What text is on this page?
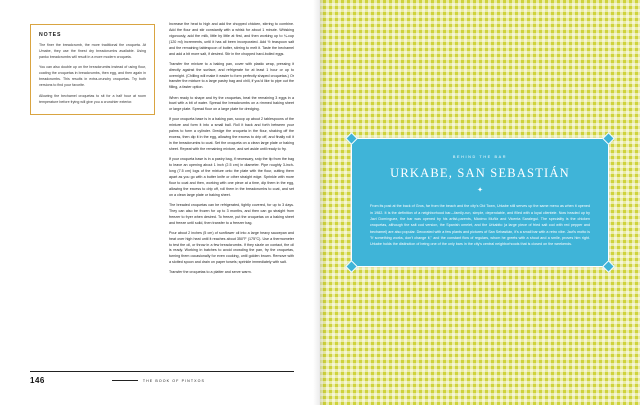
NOTES

The finer the breadcrumb, the more traditional the croqueta. At Umabe, they use the finest dry breadcrumbs available. Using panko breadcrumbs will result in a more modern croqueta.

You can also double up on the breadcrumbs instead of using flour, coating the croquetas in breadcrumbs, then egg, and then again in breadcrumbs. This results in extra-crunchy croquetas. Try both versions to find your favorite.

Allowing the bechamel croquetas to sit for a half hour at room temperature before frying will give you a crunchier exterior.

Increase the heat to high and add the chopped chicken, stirring to combine. Add the flour and stir constantly with a whisk for about 1 minute. Whisking vigorously, add the milk, little by little at first, and then working up to ¼-cup (120 ml) increments, until it has all been incorporated. Add ½ teaspoon salt and the remaining tablespoon of butter, stirring to melt it. Taste the bechamel and add a bit more salt, if desired. Stir in the chopped hard-boiled eggs.

Transfer the mixture to a baking pan, cover with plastic wrap, pressing it directly against the surface, and refrigerate for at least 1 hour or up to overnight. (Chilling will make it easier to form perfectly shaped croquetas.) Or transfer the mixture to a large pastry bag and chill, if you'd like to pipe out the filling, a faster option.

When ready to shape and fry the croquetas, beat the remaining 3 eggs in a bowl with a bit of water. Spread the breadcrumbs on a rimmed baking sheet or large plate. Spread flour on a large plate for dredging.

If your croqueta base is in a baking pan, scoop up about 2 tablespoons of the mixture and form it into a small ball. Roll it back and forth between your palms to form a cylinder. Dredge the croqueta in the flour, shaking off the excess, then dip it in the egg, allowing the excess to drip off, and finally roll it in the breadcrumbs to coat. Set the croqueta on a clean large plate or baking sheet. Repeat with the remaining mixture, and set aside until ready to fry.

If your croqueta base is in a pastry bag, if necessary, snip the tip from the bag to leave an opening about 1 inch (2.5 cm) in diameter. Pipe roughly 3-inch-long (7.5 cm) logs of the mixture onto the plate with the flour, cutting them apart as you go with a butter knife or other straight edge. Sprinkle with more flour to coat and then, working with one piece at a time, dip them in the egg, allowing the excess to drip off, roll them in the breadcrumbs to coat, and set on a clean large plate or baking sheet.

The breaded croquetas can be refrigerated, tightly covered, for up to 3 days. They can also be frozen for up to 3 months, and then can go straight from freezer to fryer when desired. To freeze, put the croquetas on a baking sheet and freeze until solid, then transfer to a freezer bag.

Pour about 2 inches (5 cm) of sunflower oil into a large heavy saucepan and heat over high heat until it reaches about 350°F (175°C). Use a thermometer to test the oil, or throw in a few breadcrumbs. If they sizzle on contact, the oil is ready. Working in batches to avoid crowding the pan, fry the croquetas, turning them occasionally for even cooking, until golden brown. Remove with a slotted spoon and drain on paper towels; sprinkle immediately with salt.

Transfer the croquetas to a platter and serve warm.

146	THE BOOK OF PINTXOS
BEHIND THE BAR
URKABE, SAN SEBASTIÁN
✦

From its post at the back of Gros, far from the beach and the city's Old Town, Urkabe still serves up the same menu as when it opened in 1982. It is the definition of a neighborhood bar—family-run, simple, dependable, and filled with a loyal clientele. Now headed up by Javi Domínguez, the bar was opened by his artist-parents, Máximo Muñiz and Vicenta Saralegui. The speciality is the chicken croquetas, although the salt cod version, the Spanish omelet, and the Urkabito (a large piece of fried salt cod with red pepper and bechamel) are also popular. Decorated with a few plants and pictures of San Sebastián, it's a small bar with a retro vibe. Javi's motto is "If something works, don't change it," and the constant flow of regulars, whom he greets with a shout and a smile, proves him right. Urkabe holds the distinction of being one of the only bars in the city's central neighborhoods that is closed on the weekends.
